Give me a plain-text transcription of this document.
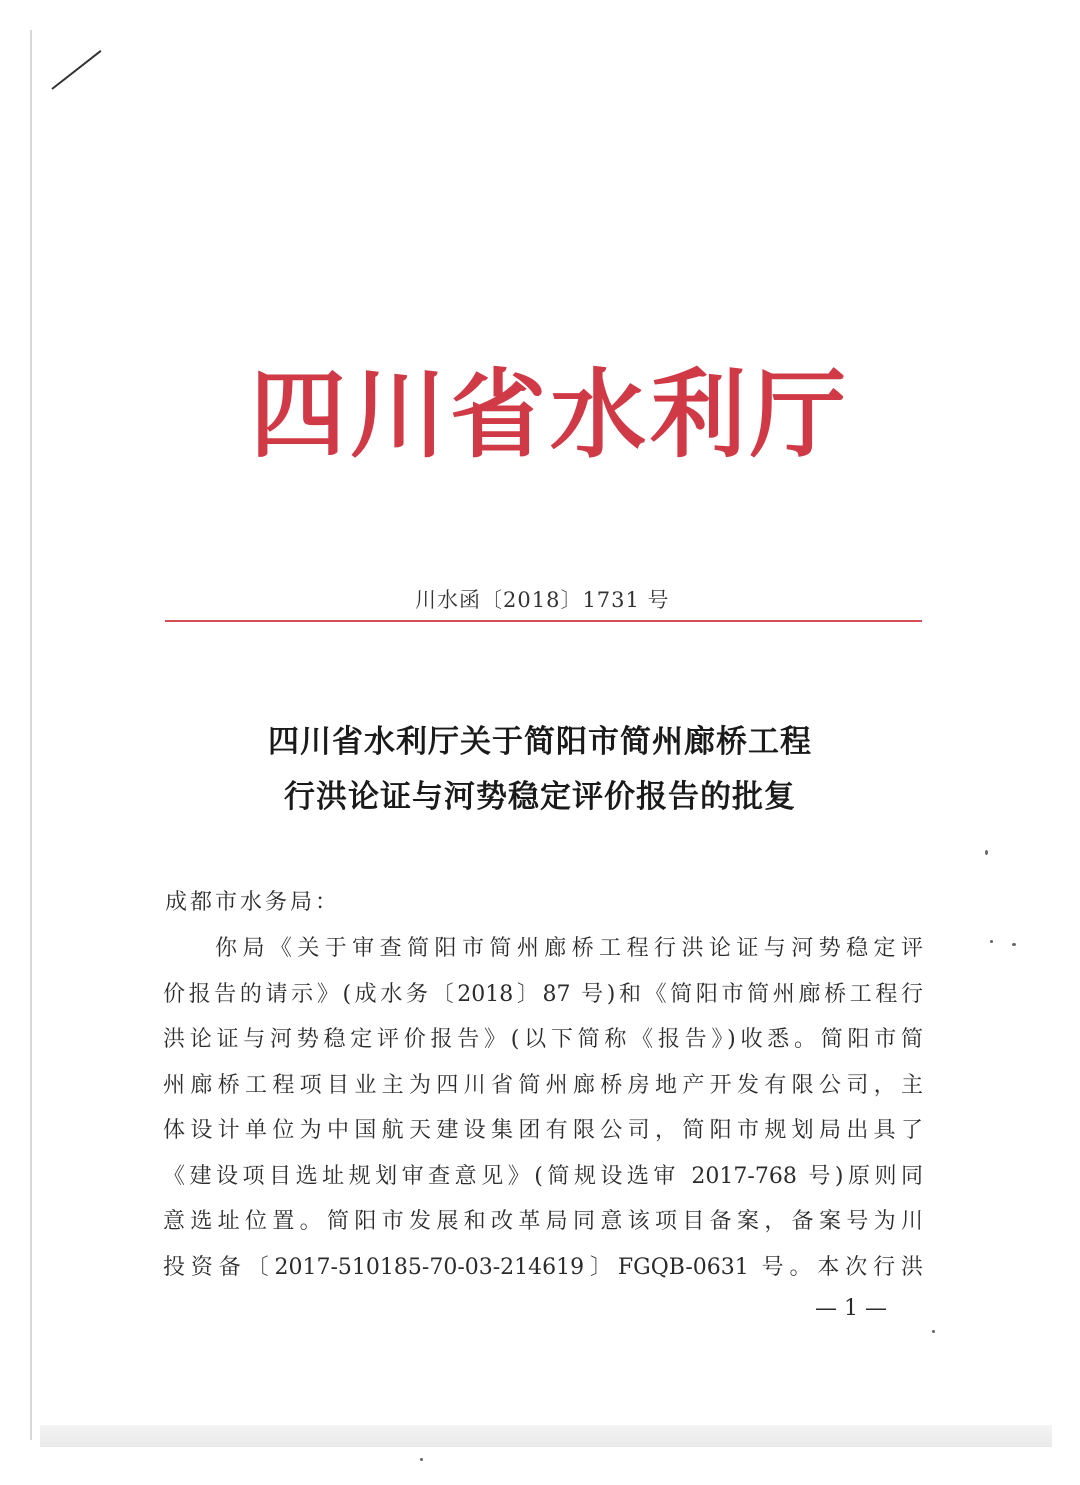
四川省水利厅
川水函〔2018〕1731 号
四川省水利厅关于简阳市简州廊桥工程
行洪论证与河势稳定评价报告的批复
成都市水务局：
你局《关于审查简阳市简州廊桥工程行洪论证与河势稳定评
价报告的请示》(成水务〔2018〕87 号)和《简阳市简州廊桥工程行
洪论证与河势稳定评价报告》(以下简称《报告》)收悉。简阳市简
州廊桥工程项目业主为四川省简州廊桥房地产开发有限公司，主
体设计单位为中国航天建设集团有限公司，简阳市规划局出具了
《建设项目选址规划审查意见》(简规设选审 2017-768 号)原则同
意选址位置。简阳市发展和改革局同意该项目备案，备案号为川
投资备〔2017-510185-70-03-214619〕FGQB-0631 号。本次行洪
— 1 —
